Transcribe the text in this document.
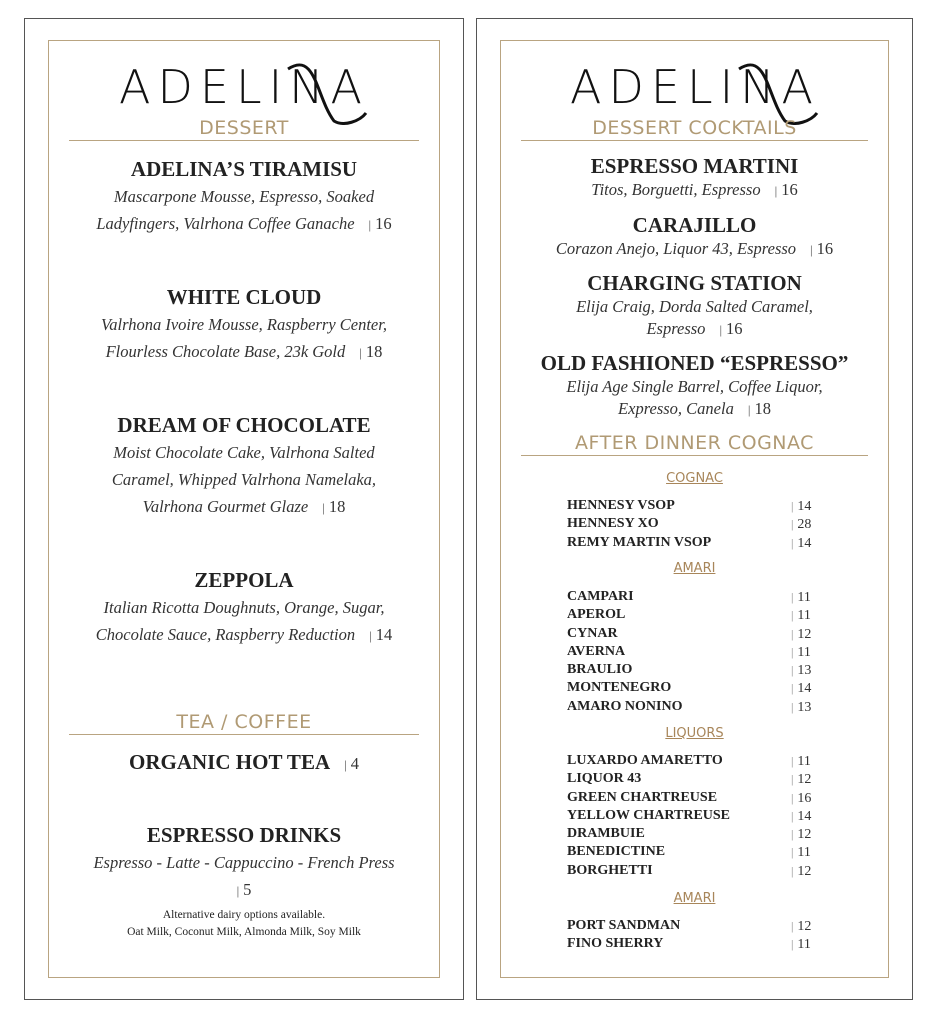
ADELINA
DESSERT
ADELINA’S TIRAMISU
Mascarpone Mousse, Espresso, Soaked
Ladyfingers, Valrhona Coffee Ganache | 16
WHITE CLOUD
Valrhona Ivoire Mousse, Raspberry Center,
Flourless Chocolate Base, 23k Gold | 18
DREAM OF CHOCOLATE
Moist Chocolate Cake, Valrhona Salted
Caramel, Whipped Valrhona Namelaka,
Valrhona Gourmet Glaze | 18
ZEPPOLA
Italian Ricotta Doughnuts, Orange, Sugar,
Chocolate Sauce, Raspberry Reduction | 14
TEA / COFFEE
ORGANIC HOT TEA | 4
ESPRESSO DRINKS
Espresso - Latte - Cappuccino - French Press
| 5
Alternative dairy options available.
Oat Milk, Coconut Milk, Almonda Milk, Soy Milk
ADELINA
DESSERT COCKTAILS
ESPRESSO MARTINI
Titos, Borguetti, Espresso | 16
CARAJILLO
Corazon Anejo, Liquor 43, Espresso | 16
CHARGING STATION
Elija Craig, Dorda Salted Caramel,
Espresso | 16
OLD FASHIONED “ESPRESSO”
Elija Age Single Barrel, Coffee Liquor,
Expresso, Canela | 18
AFTER DINNER COGNAC
COGNAC
HENNESY VSOP	| 14
HENNESY XO	| 28
REMY MARTIN VSOP	| 14
AMARI
CAMPARI	| 11
APEROL	| 11
CYNAR	| 12
AVERNA	| 11
BRAULIO	| 13
MONTENEGRO	| 14
AMARO NONINO	| 13
LIQUORS
LUXARDO AMARETTO	| 11
LIQUOR 43	| 12
GREEN CHARTREUSE	| 16
YELLOW CHARTREUSE	| 14
DRAMBUIE	| 12
BENEDICTINE	| 11
BORGHETTI	| 12
AMARI
PORT SANDMAN	| 12
FINO SHERRY	| 11
